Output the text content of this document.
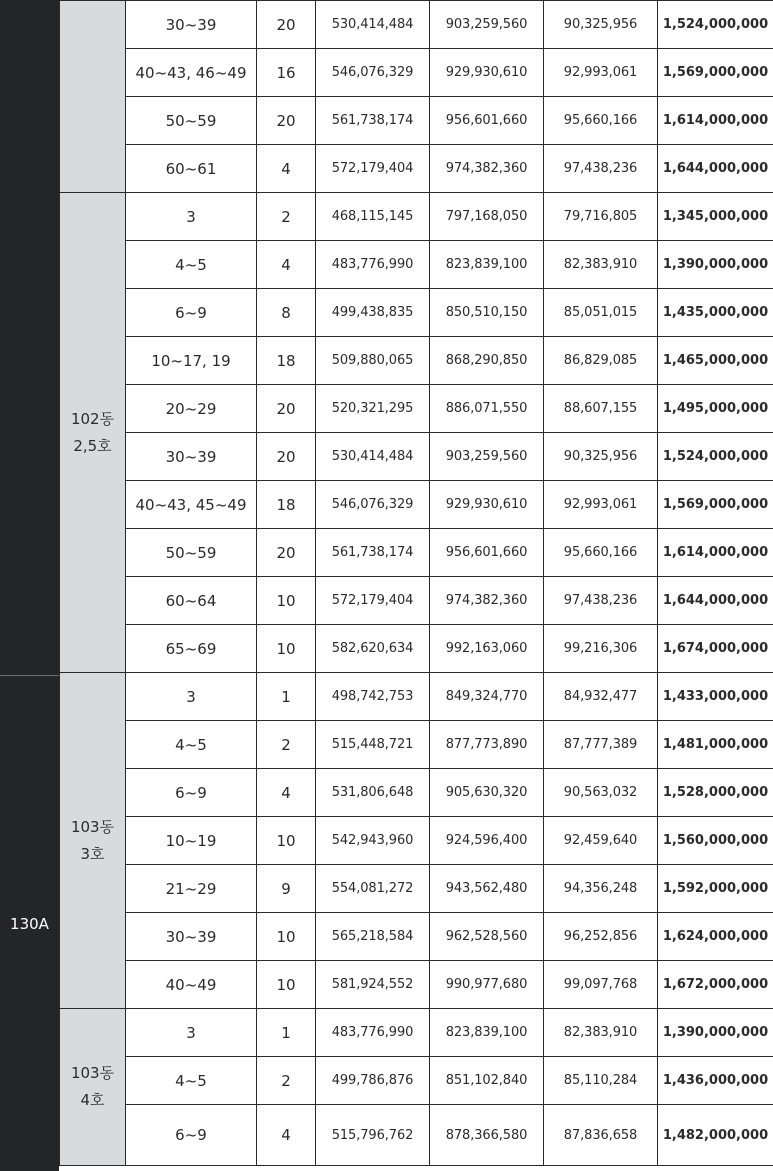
130A
	30~39	20	530,414,484	903,259,560	90,325,956	1,524,000,000
	40~43, 46~49	16	546,076,329	929,930,610	92,993,061	1,569,000,000
	50~59	20	561,738,174	956,601,660	95,660,166	1,614,000,000
	60~61	4	572,179,404	974,382,360	97,438,236	1,644,000,000

102동
2,5호	3	2	468,115,145	797,168,050	79,716,805	1,345,000,000
	4~5	4	483,776,990	823,839,100	82,383,910	1,390,000,000
	6~9	8	499,438,835	850,510,150	85,051,015	1,435,000,000
	10~17, 19	18	509,880,065	868,290,850	86,829,085	1,465,000,000
	20~29	20	520,321,295	886,071,550	88,607,155	1,495,000,000
	30~39	20	530,414,484	903,259,560	90,325,956	1,524,000,000
	40~43, 45~49	18	546,076,329	929,930,610	92,993,061	1,569,000,000
	50~59	20	561,738,174	956,601,660	95,660,166	1,614,000,000
	60~64	10	572,179,404	974,382,360	97,438,236	1,644,000,000
	65~69	10	582,620,634	992,163,060	99,216,306	1,674,000,000

103동
3호	3	1	498,742,753	849,324,770	84,932,477	1,433,000,000
	4~5	2	515,448,721	877,773,890	87,777,389	1,481,000,000
	6~9	4	531,806,648	905,630,320	90,563,032	1,528,000,000
	10~19	10	542,943,960	924,596,400	92,459,640	1,560,000,000
	21~29	9	554,081,272	943,562,480	94,356,248	1,592,000,000
	30~39	10	565,218,584	962,528,560	96,252,856	1,624,000,000
	40~49	10	581,924,552	990,977,680	99,097,768	1,672,000,000

103동
4호	3	1	483,776,990	823,839,100	82,383,910	1,390,000,000
	4~5	2	499,786,876	851,102,840	85,110,284	1,436,000,000
	6~9	4	515,796,762	878,366,580	87,836,658	1,482,000,000
